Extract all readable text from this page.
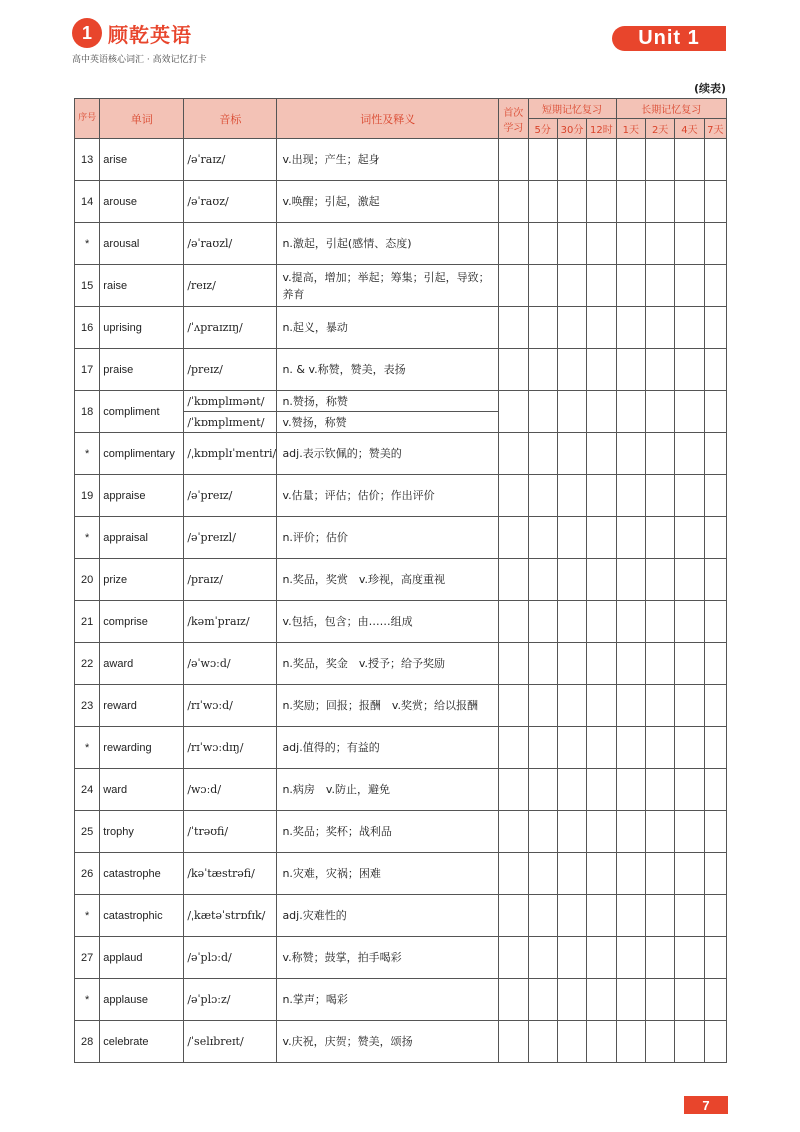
1 顾乾英语
高中英语核心词汇 · 高效记忆打卡
Unit 1
(续表)
序号	单词	音标	词性及释义	首次学习	短期记忆复习			长期记忆复习			
					5分	30分	12时	1天	2天	4天	7天
13	arise	/əˈraɪz/	v.出现；产生；起身								
14	arouse	/əˈraʊz/	v.唤醒；引起，激起								
*	arousal	/əˈraʊzl/	n.激起，引起(感情、态度)								
15	raise	/reɪz/	v.提高，增加；举起；筹集；引起，导致；养育								
16	uprising	/ˈʌpraɪzɪŋ/	n.起义，暴动								
17	praise	/preɪz/	n. & v.称赞，赞美，表扬								
18	compliment	/ˈkɒmplɪmənt/	n.赞扬，称赞								
		/ˈkɒmplɪment/	v.赞扬，称赞								
*	complimentary	/ˌkɒmplɪˈmentri/	adj.表示钦佩的；赞美的								
19	appraise	/əˈpreɪz/	v.估量；评估；估价；作出评价								
*	appraisal	/əˈpreɪzl/	n.评价；估价								
20	prize	/praɪz/	n.奖品，奖赏　v.珍视，高度重视								
21	comprise	/kəmˈpraɪz/	v.包括，包含；由……组成								
22	award	/əˈwɔːd/	n.奖品，奖金　v.授予；给予奖励								
23	reward	/rɪˈwɔːd/	n.奖励；回报；报酬　v.奖赏；给以报酬								
*	rewarding	/rɪˈwɔːdɪŋ/	adj.值得的；有益的								
24	ward	/wɔːd/	n.病房　v.防止，避免								
25	trophy	/ˈtrəʊfi/	n.奖品；奖杯；战利品								
26	catastrophe	/kəˈtæstrəfi/	n.灾难，灾祸；困难								
*	catastrophic	/ˌkætəˈstrɒfɪk/	adj.灾难性的								
27	applaud	/əˈplɔːd/	v.称赞；鼓掌，拍手喝彩								
*	applause	/əˈplɔːz/	n.掌声；喝彩								
28	celebrate	/ˈselɪbreɪt/	v.庆祝，庆贺；赞美，颂扬								
7
